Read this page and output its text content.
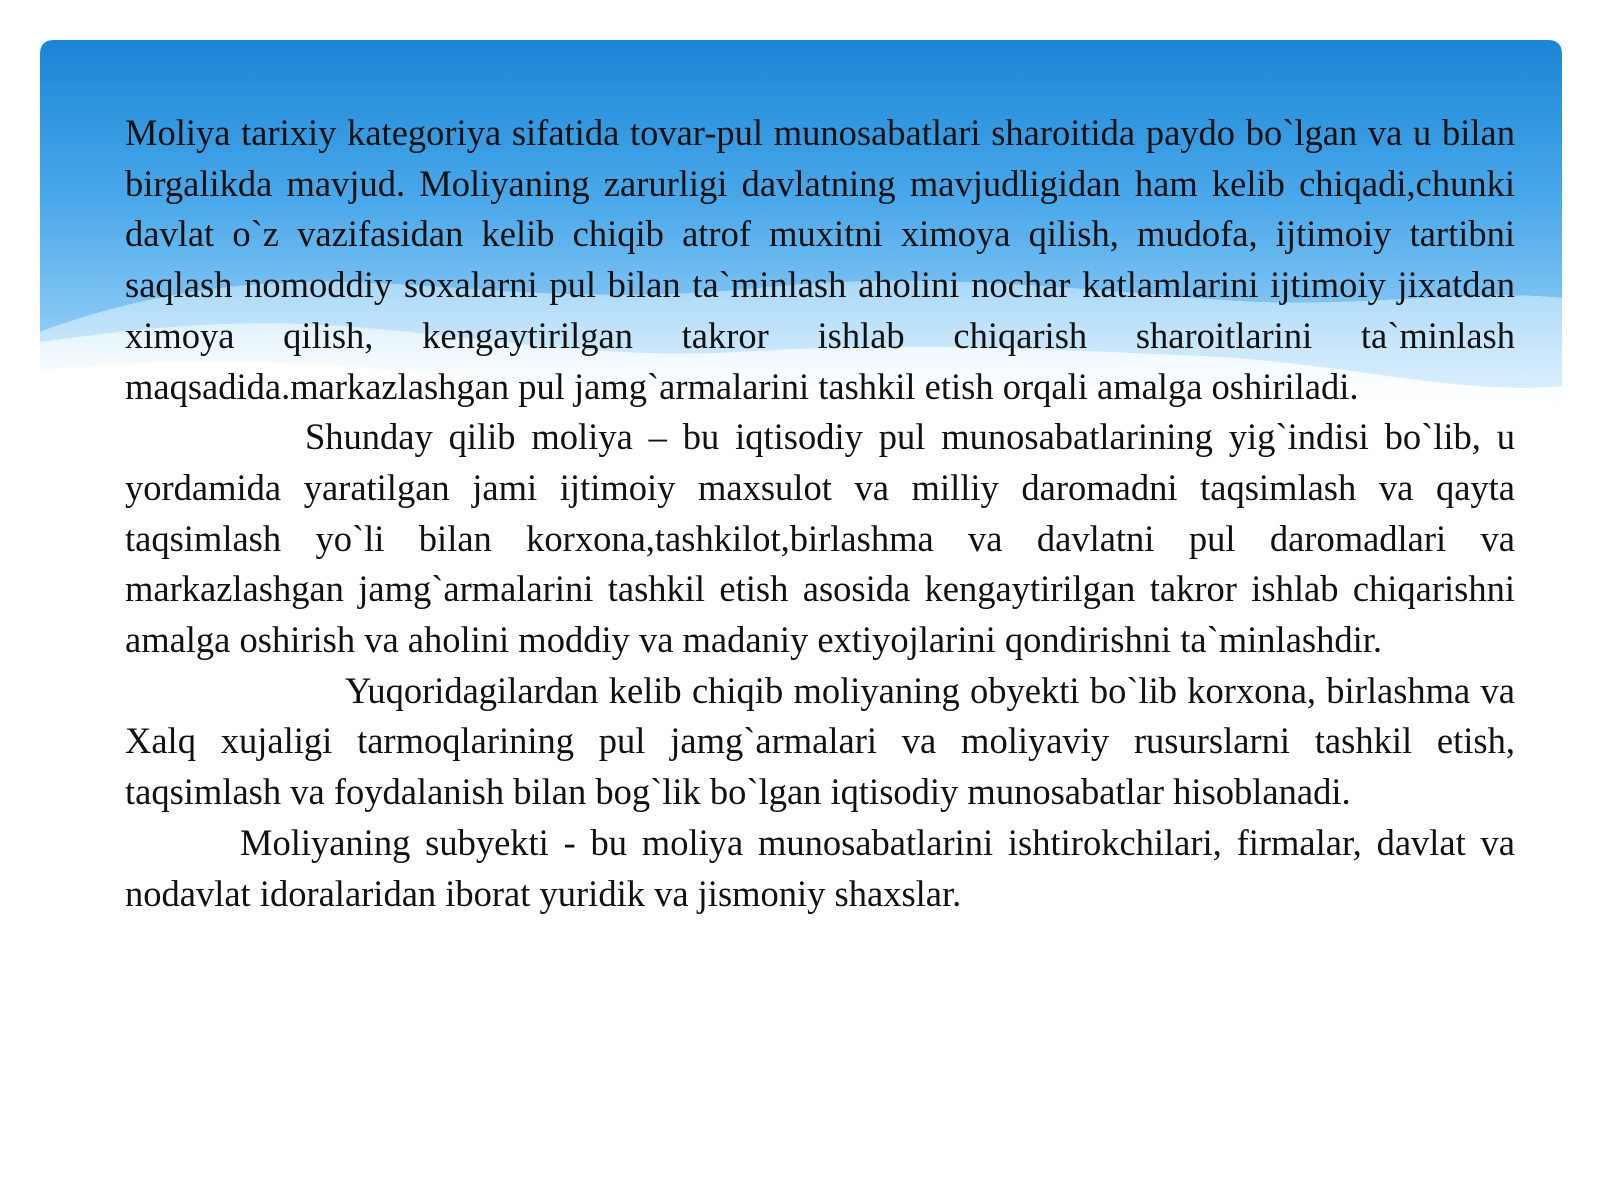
Moliya tarixiy kategoriya sifatida tovar-pul munosabatlari sharoitida paydo bo`lgan va u bilan birgalikda mavjud. Moliyaning zarurligi davlatning mavjudligidan ham kelib chiqadi,chunki davlat o`z vazifasidan kelib chiqib atrof muxitni ximoya qilish, mudofa, ijtimoiy tartibni saqlash nomoddiy soxalarni pul bilan ta`minlash aholini nochar katlamlarini ijtimoiy jixatdan ximoya qilish, kengaytirilgan takror ishlab chiqarish sharoitlarini ta`minlash maqsadida.markazlashgan pul jamg`armalarini tashkil etish orqali amalga oshiriladi.

Shunday qilib moliya – bu iqtisodiy pul munosabatlarining yig`indisi bo`lib, u yordamida yaratilgan jami ijtimoiy maxsulot va milliy daromadni taqsimlash va qayta taqsimlash yo`li bilan korxona,tashkilot,birlashma va davlatni pul daromadlari va markazlashgan jamg`armalarini tashkil etish asosida kengaytirilgan takror ishlab chiqarishni amalga oshirish va aholini moddiy va madaniy extiyojlarini qondirishni ta`minlashdir.

Yuqoridagilardan kelib chiqib moliyaning obyekti bo`lib korxona, birlashma va Xalq xujaligi tarmoqlarining pul jamg`armalari va moliyaviy rusurslarni tashkil etish, taqsimlash va foydalanish bilan bog`lik bo`lgan iqtisodiy munosabatlar hisoblanadi.

Moliyaning subyekti - bu moliya munosabatlarini ishtirokchilari, firmalar, davlat va nodavlat idoralaridan iborat yuridik va jismoniy shaxslar.
